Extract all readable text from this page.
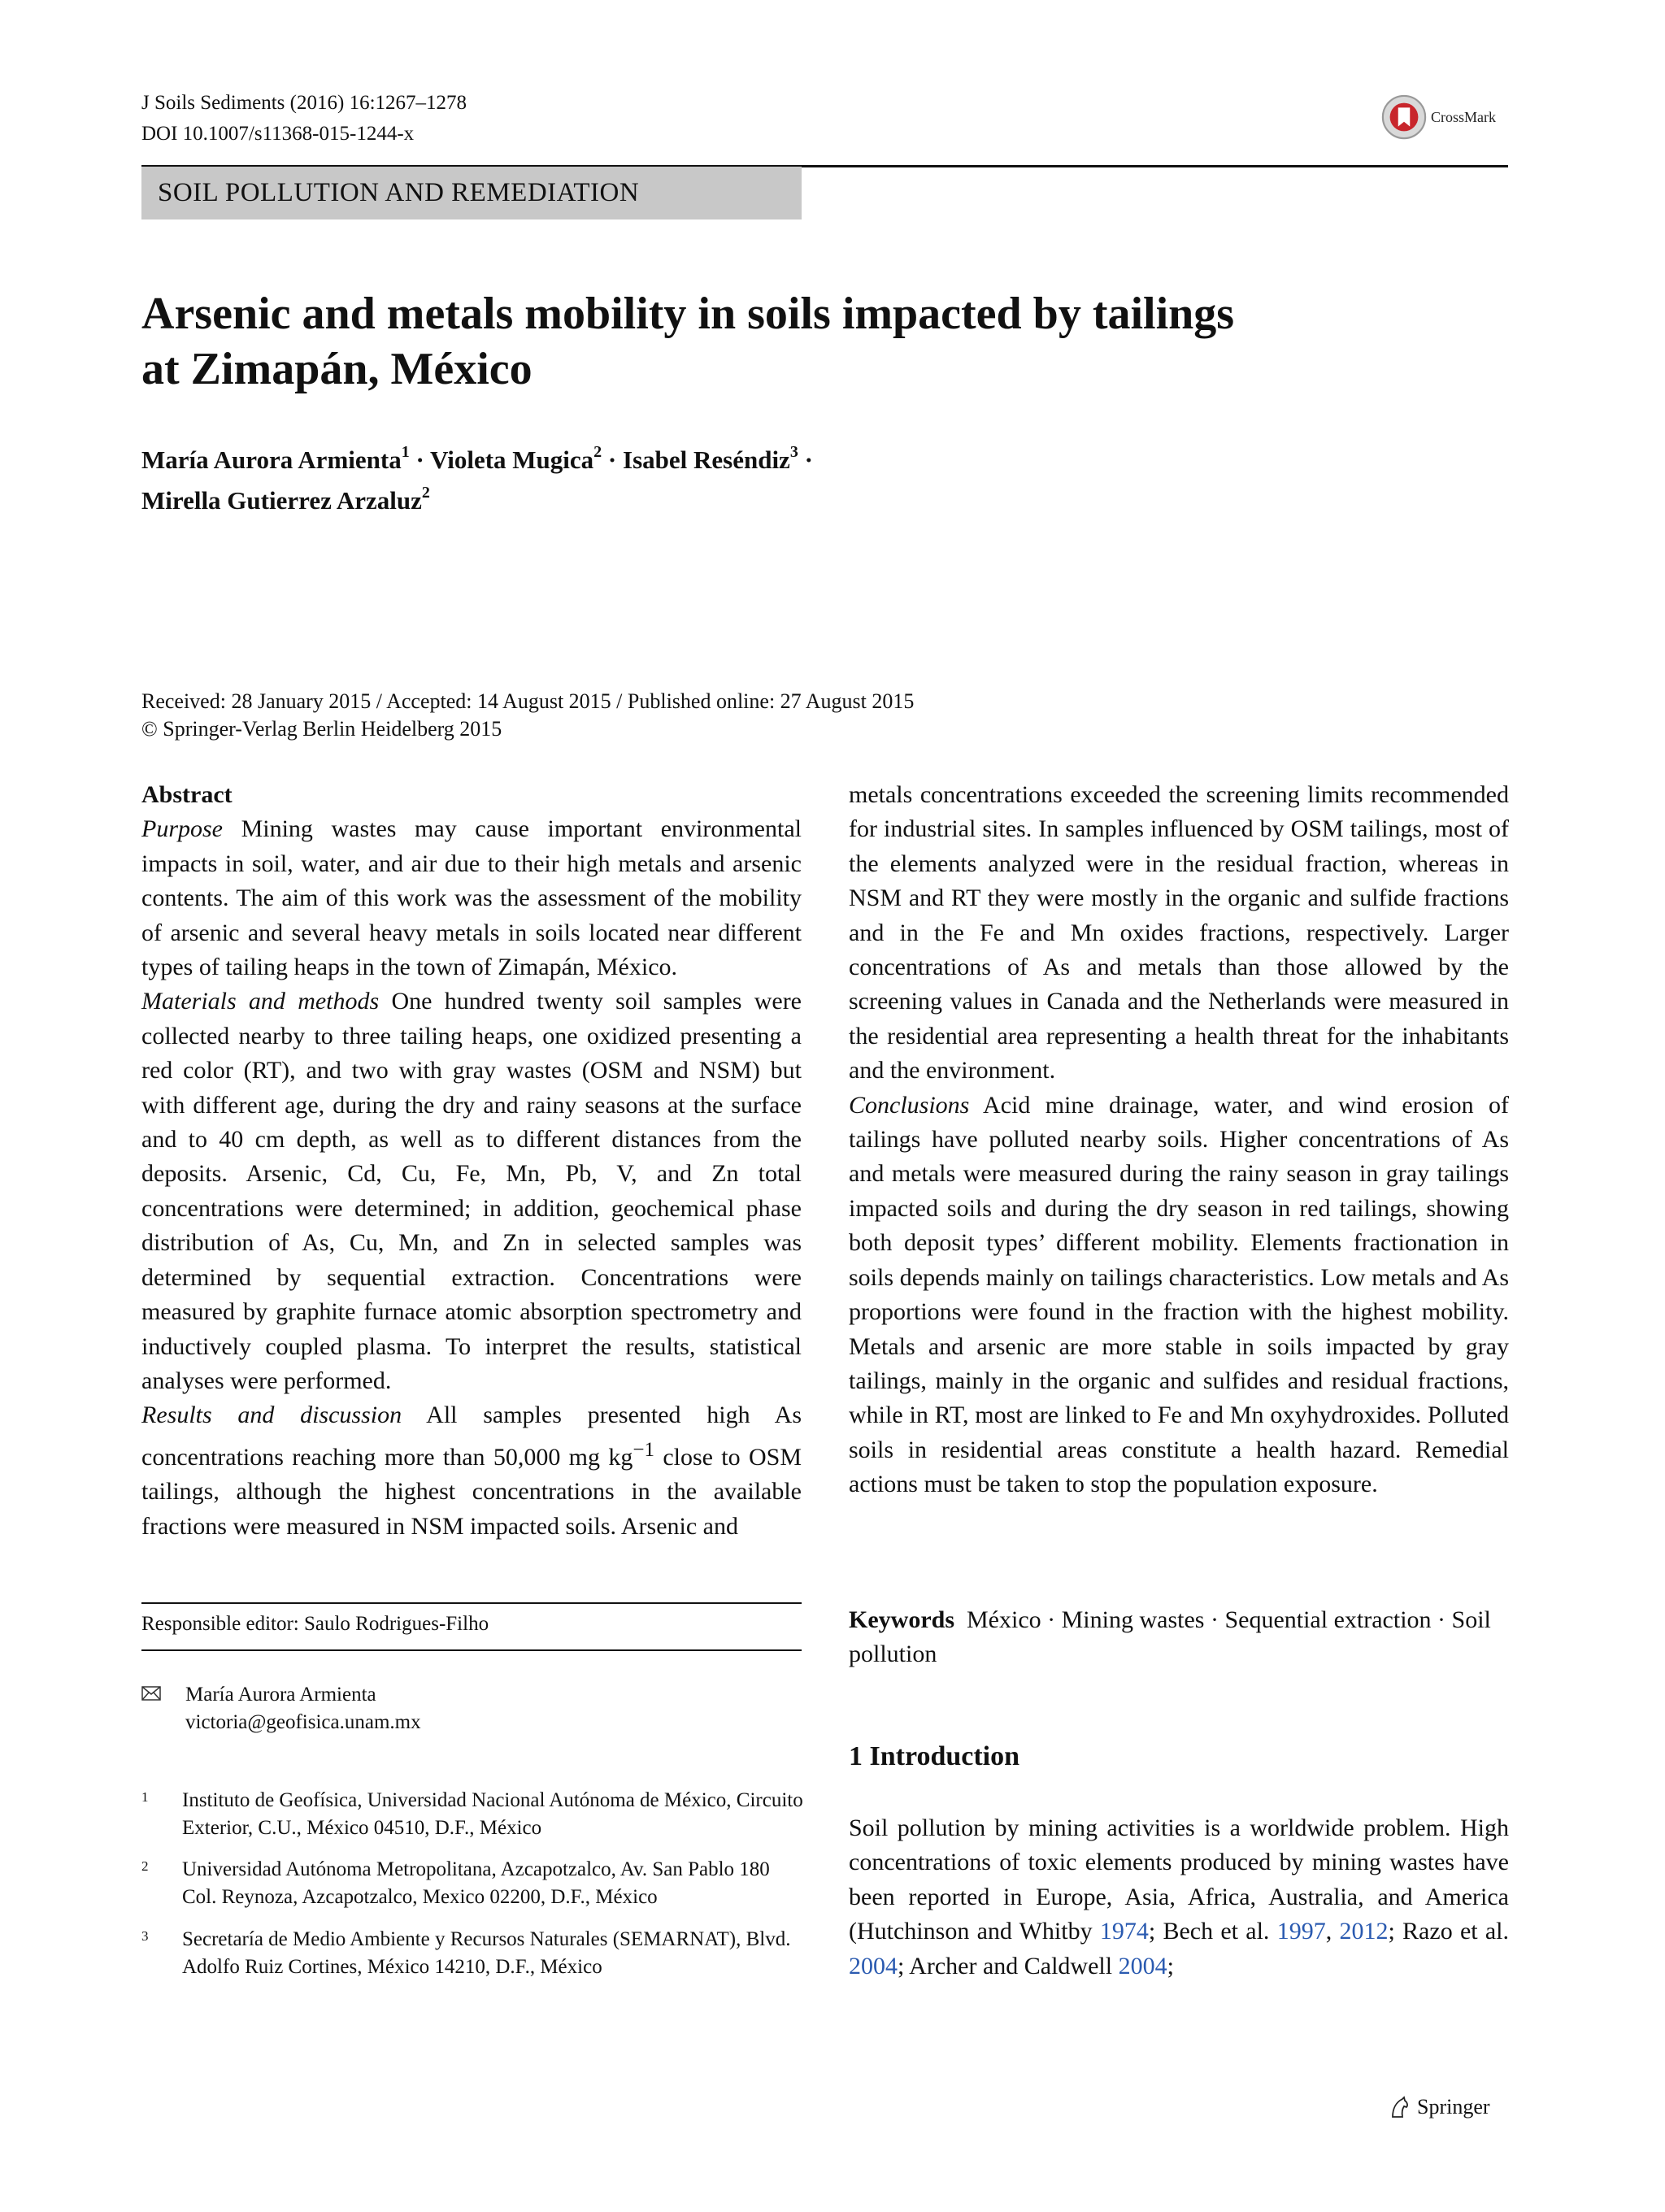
J Soils Sediments (2016) 16:1267–1278
DOI 10.1007/s11368-015-1244-x
CrossMark
SOIL POLLUTION AND REMEDIATION
Arsenic and metals mobility in soils impacted by tailings
at Zimapán, México
María Aurora Armienta$^1$ · Violeta Mugica$^2$ · Isabel Reséndiz$^3$ ·
Mirella Gutierrez Arzaluz$^2$
Received: 28 January 2015 / Accepted: 14 August 2015 / Published online: 27 August 2015
© Springer-Verlag Berlin Heidelberg 2015

Abstract

Purpose Mining wastes may cause important environmental impacts in soil, water, and air due to their high metals and arsenic contents. The aim of this work was the assessment of the mobility of arsenic and several heavy metals in soils located near different types of tailing heaps in the town of Zimapán, México.

Materials and methods One hundred twenty soil samples were collected nearby to three tailing heaps, one oxidized presenting a red color (RT), and two with gray wastes (OSM and NSM) but with different age, during the dry and rainy seasons at the surface and to 40 cm depth, as well as to different distances from the deposits. Arsenic, Cd, Cu, Fe, Mn, Pb, V, and Zn total concentrations were determined; in addition, geochemical phase distribution of As, Cu, Mn, and Zn in selected samples was determined by sequential extraction. Concentrations were measured by graphite furnace atomic absorption spectrometry and inductively coupled plasma. To interpret the results, statistical analyses were performed.

Results and discussion All samples presented high As concentrations reaching more than 50,000 mg $kg^{-1}$ close to OSM tailings, although the highest concentrations in the available fractions were measured in NSM impacted soils. Arsenic and

metals concentrations exceeded the screening limits recommended for industrial sites. In samples influenced by OSM tailings, most of the elements analyzed were in the residual fraction, whereas in NSM and RT they were mostly in the organic and sulfide fractions and in the Fe and Mn oxides fractions, respectively. Larger concentrations of As and metals than those allowed by the screening values in Canada and the Netherlands were measured in the residential area representing a health threat for the inhabitants and the environment.

Conclusions Acid mine drainage, water, and wind erosion of tailings have polluted nearby soils. Higher concentrations of As and metals were measured during the rainy season in gray tailings impacted soils and during the dry season in red tailings, showing both deposit types’ different mobility. Elements fractionation in soils depends mainly on tailings characteristics. Low metals and As proportions were found in the fraction with the highest mobility. Metals and arsenic are more stable in soils impacted by gray tailings, mainly in the organic and sulfides and residual fractions, while in RT, most are linked to Fe and Mn oxyhydroxides. Polluted soils in residential areas constitute a health hazard. Remedial actions must be taken to stop the population exposure.

Responsible editor: Saulo Rodrigues-Filho
María Aurora Armienta
victoria@geofisica.unam.mx
1 Instituto de Geofísica, Universidad Nacional Autónoma de México, Circuito Exterior, C.U., México 04510, D.F., México
2 Universidad Autónoma Metropolitana, Azcapotzalco, Av. San Pablo 180 Col. Reynoza, Azcapotzalco, Mexico 02200, D.F., México
3 Secretaría de Medio Ambiente y Recursos Naturales (SEMARNAT), Blvd. Adolfo Ruiz Cortines, México 14210, D.F., México
Keywords México · Mining wastes · Sequential extraction · Soil pollution
1 Introduction
Soil pollution by mining activities is a worldwide problem. High concentrations of toxic elements produced by mining wastes have been reported in Europe, Asia, Africa, Australia, and America (Hutchinson and Whitby 1974; Bech et al. 1997, 2012; Razo et al. 2004; Archer and Caldwell 2004;
Springer
